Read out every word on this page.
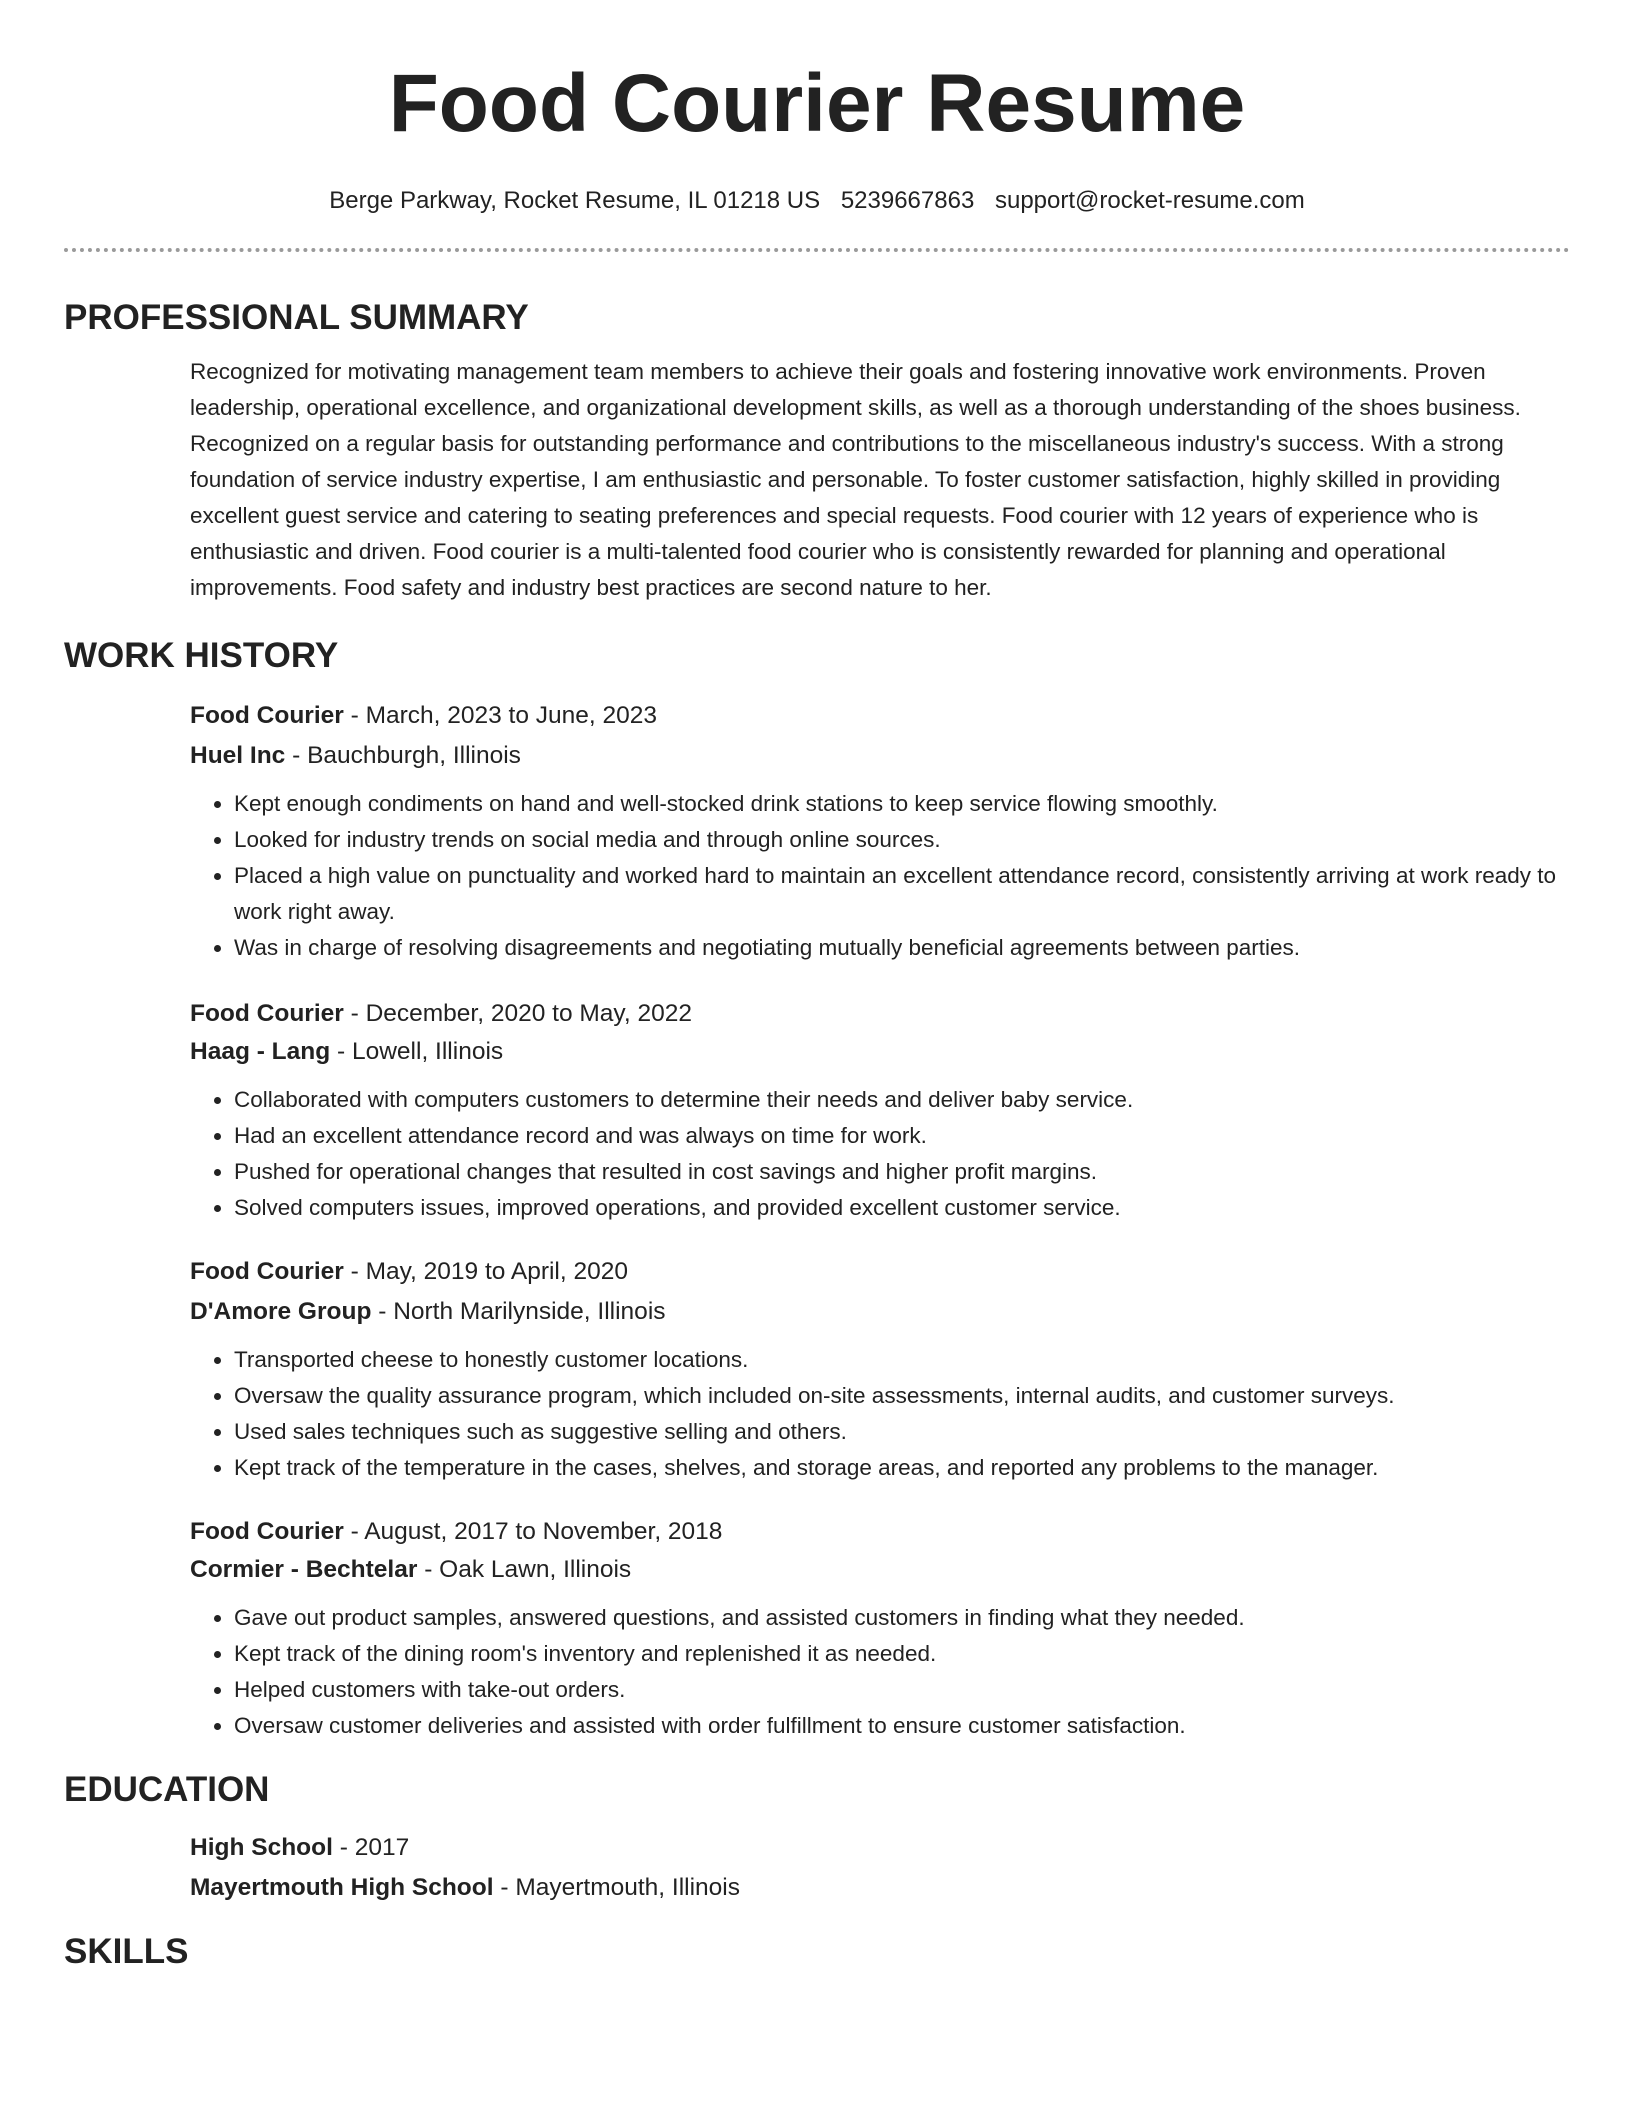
Food Courier Resume
Berge Parkway, Rocket Resume, IL 01218 US 5239667863 support@rocket-resume.com
PROFESSIONAL SUMMARY
Recognized for motivating management team members to achieve their goals and fostering innovative work environments. Proven leadership, operational excellence, and organizational development skills, as well as a thorough understanding of the shoes business. Recognized on a regular basis for outstanding performance and contributions to the miscellaneous industry's success. With a strong foundation of service industry expertise, I am enthusiastic and personable. To foster customer satisfaction, highly skilled in providing excellent guest service and catering to seating preferences and special requests. Food courier with 12 years of experience who is enthusiastic and driven. Food courier is a multi-talented food courier who is consistently rewarded for planning and operational improvements. Food safety and industry best practices are second nature to her.
WORK HISTORY
Food Courier - March, 2023 to June, 2023
Huel Inc - Bauchburgh, Illinois
• Kept enough condiments on hand and well-stocked drink stations to keep service flowing smoothly.
• Looked for industry trends on social media and through online sources.
• Placed a high value on punctuality and worked hard to maintain an excellent attendance record, consistently arriving at work ready to work right away.
• Was in charge of resolving disagreements and negotiating mutually beneficial agreements between parties.
Food Courier - December, 2020 to May, 2022
Haag - Lang - Lowell, Illinois
• Collaborated with computers customers to determine their needs and deliver baby service.
• Had an excellent attendance record and was always on time for work.
• Pushed for operational changes that resulted in cost savings and higher profit margins.
• Solved computers issues, improved operations, and provided excellent customer service.
Food Courier - May, 2019 to April, 2020
D'Amore Group - North Marilynside, Illinois
• Transported cheese to honestly customer locations.
• Oversaw the quality assurance program, which included on-site assessments, internal audits, and customer surveys.
• Used sales techniques such as suggestive selling and others.
• Kept track of the temperature in the cases, shelves, and storage areas, and reported any problems to the manager.
Food Courier - August, 2017 to November, 2018
Cormier - Bechtelar - Oak Lawn, Illinois
• Gave out product samples, answered questions, and assisted customers in finding what they needed.
• Kept track of the dining room's inventory and replenished it as needed.
• Helped customers with take-out orders.
• Oversaw customer deliveries and assisted with order fulfillment to ensure customer satisfaction.
EDUCATION
High School - 2017
Mayertmouth High School - Mayertmouth, Illinois
SKILLS
